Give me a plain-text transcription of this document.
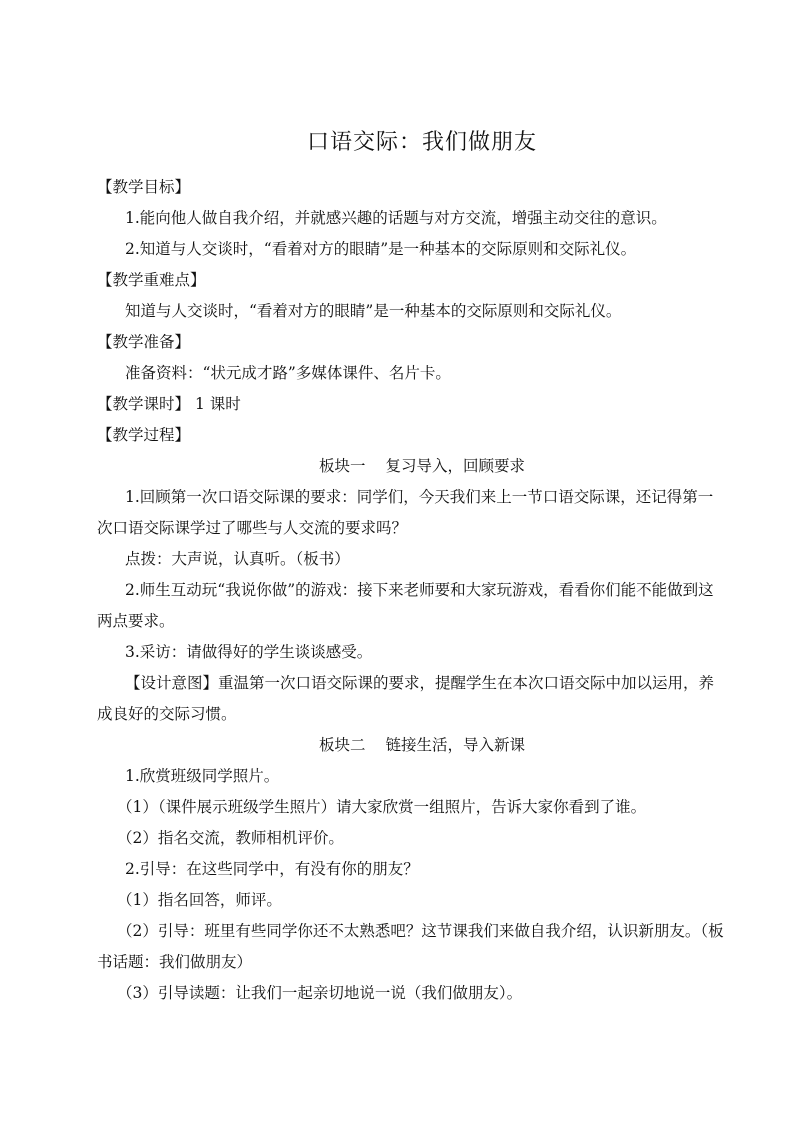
口语交际：我们做朋友
【教学目标】
1.能向他人做自我介绍，并就感兴趣的话题与对方交流，增强主动交往的意识。
2.知道与人交谈时，“看着对方的眼睛”是一种基本的交际原则和交际礼仪。
【教学重难点】
知道与人交谈时，“看着对方的眼睛”是一种基本的交际原则和交际礼仪。
【教学准备】
准备资料：“状元成才路”多媒体课件、名片卡。
【教学课时】 1 课时
【教学过程】
板块一 复习导入，回顾要求
1.回顾第一次口语交际课的要求：同学们，今天我们来上一节口语交际课，还记得第一次口语交际课学过了哪些与人交流的要求吗？
点拨：大声说，认真听。（板书）
2.师生互动玩“我说你做”的游戏：接下来老师要和大家玩游戏，看看你们能不能做到这两点要求。
3.采访：请做得好的学生谈谈感受。
【设计意图】重温第一次口语交际课的要求，提醒学生在本次口语交际中加以运用，养成良好的交际习惯。
板块二 链接生活，导入新课
1.欣赏班级同学照片。
（1）（课件展示班级学生照片）请大家欣赏一组照片，告诉大家你看到了谁。
（2）指名交流，教师相机评价。
2.引导：在这些同学中，有没有你的朋友？
（1）指名回答，师评。
（2）引导：班里有些同学你还不太熟悉吧？这节课我们来做自我介绍，认识新朋友。（板书话题：我们做朋友）
（3）引导读题：让我们一起亲切地说一说（我们做朋友）。
